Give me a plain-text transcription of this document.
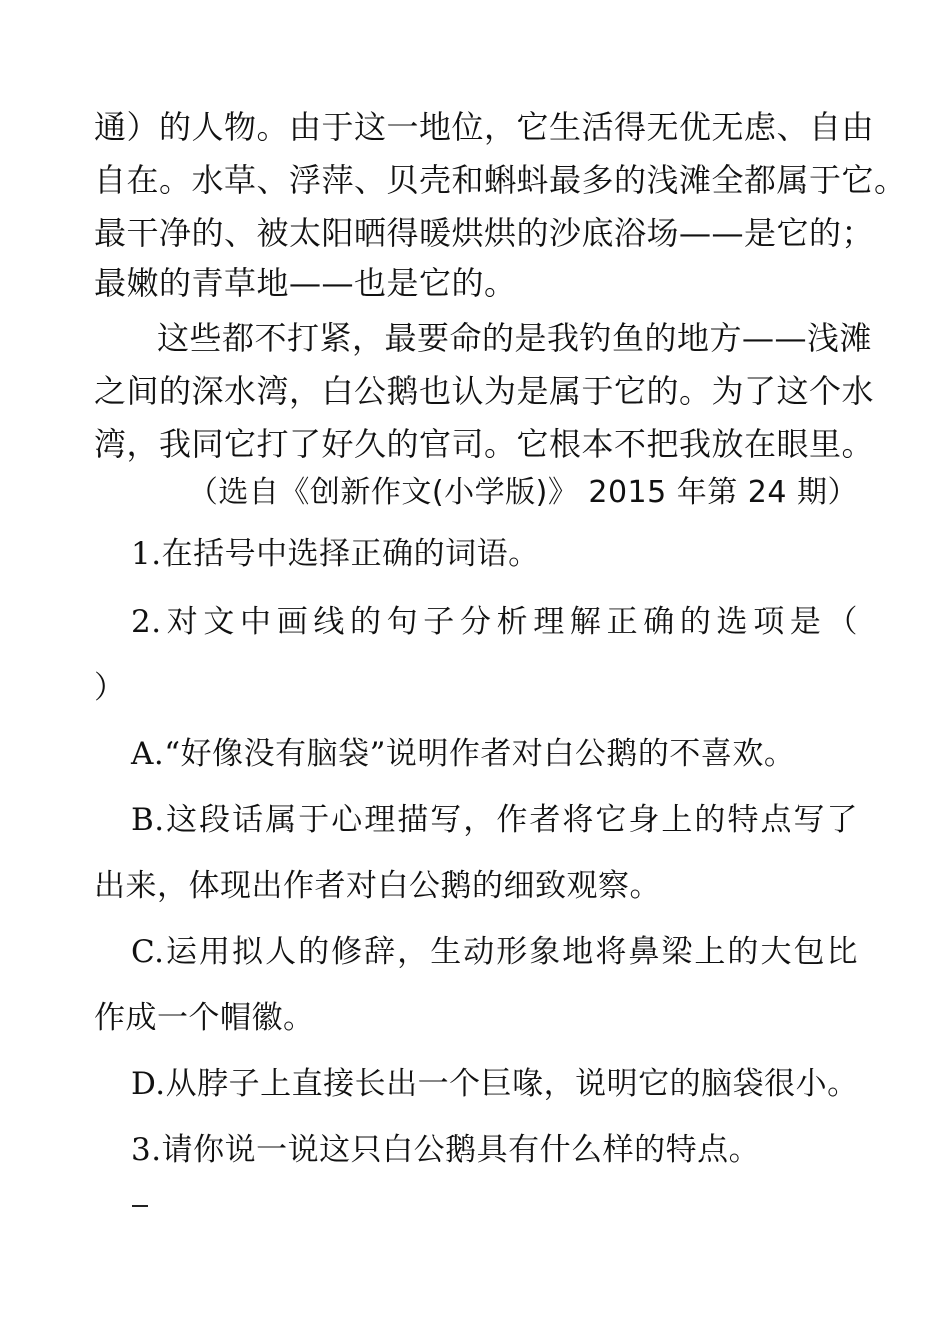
通）的人物。由于这一地位，它生活得无优无虑、自由
自在。水草、浮萍、贝壳和蝌蚪最多的浅滩全都属于它。
最干净的、被太阳晒得暖烘烘的沙底浴场——是它的；
最嫩的青草地——也是它的。
这些都不打紧，最要命的是我钓鱼的地方——浅滩
之间的深水湾，白公鹅也认为是属于它的。为了这个水
湾，我同它打了好久的官司。它根本不把我放在眼里。
（选自《创新作文(小学版)》 2015 年第 24 期）
1.在括号中选择正确的词语。
2.对文中画线的句子分析理解正确的选项是（
）
A.“好像没有脑袋”说明作者对白公鹅的不喜欢。
B.这段话属于心理描写，作者将它身上的特点写了
出来，体现出作者对白公鹅的细致观察。
C.运用拟人的修辞，生动形象地将鼻梁上的大包比
作成一个帽徽。
D.从脖子上直接长出一个巨喙，说明它的脑袋很小。
3.请你说一说这只白公鹅具有什么样的特点。
